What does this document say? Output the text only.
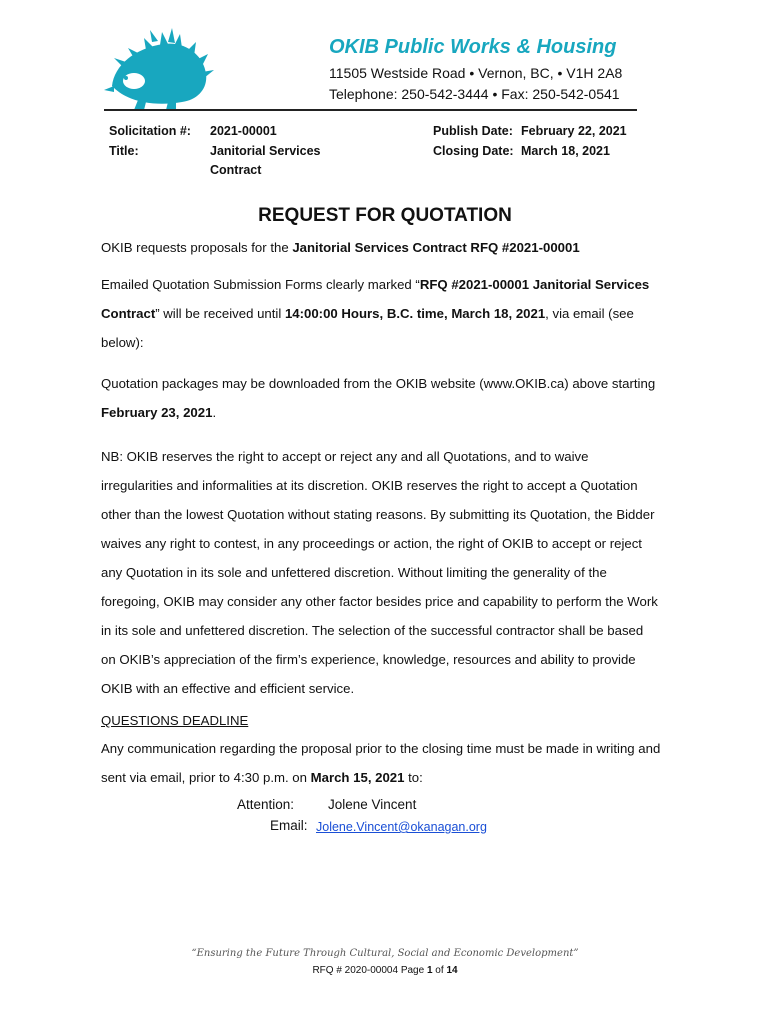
OKIB Public Works & Housing
11505 Westside Road • Vernon, BC, • V1H 2A8
Telephone: 250-542-3444 • Fax: 250-542-0541
Solicitation #: 2021-00001
Title:	Janitorial Services
Contract
Publish Date: February 22, 2021
Closing Date: March 18, 2021
REQUEST FOR QUOTATION

OKIB requests proposals for the Janitorial Services Contract RFQ #2021-00001

Emailed Quotation Submission Forms clearly marked “RFQ #2021-00001 Janitorial Services Contract” will be received until 14:00:00 Hours, B.C. time, March 18, 2021, via email (see below):

Quotation packages may be downloaded from the OKIB website (www.OKIB.ca) above starting February 23, 2021.

NB: OKIB reserves the right to accept or reject any and all Quotations, and to waive irregularities and informalities at its discretion. OKIB reserves the right to accept a Quotation other than the lowest Quotation without stating reasons. By submitting its Quotation, the Bidder waives any right to contest, in any proceedings or action, the right of OKIB to accept or reject any Quotation in its sole and unfettered discretion. Without limiting the generality of the foregoing, OKIB may consider any other factor besides price and capability to perform the Work in its sole and unfettered discretion. The selection of the successful contractor shall be based on OKIB’s appreciation of the firm’s experience, knowledge, resources and ability to provide OKIB with an effective and efficient service.

QUESTIONS DEADLINE

Any communication regarding the proposal prior to the closing time must be made in writing and sent via email, prior to 4:30 p.m. on March 15, 2021 to:

Attention:	Jolene Vincent
Email: Jolene.Vincent@okanagan.org
“Ensuring the Future Through Cultural, Social and Economic Development”
RFQ # 2020-00004 Page 1 of 14
